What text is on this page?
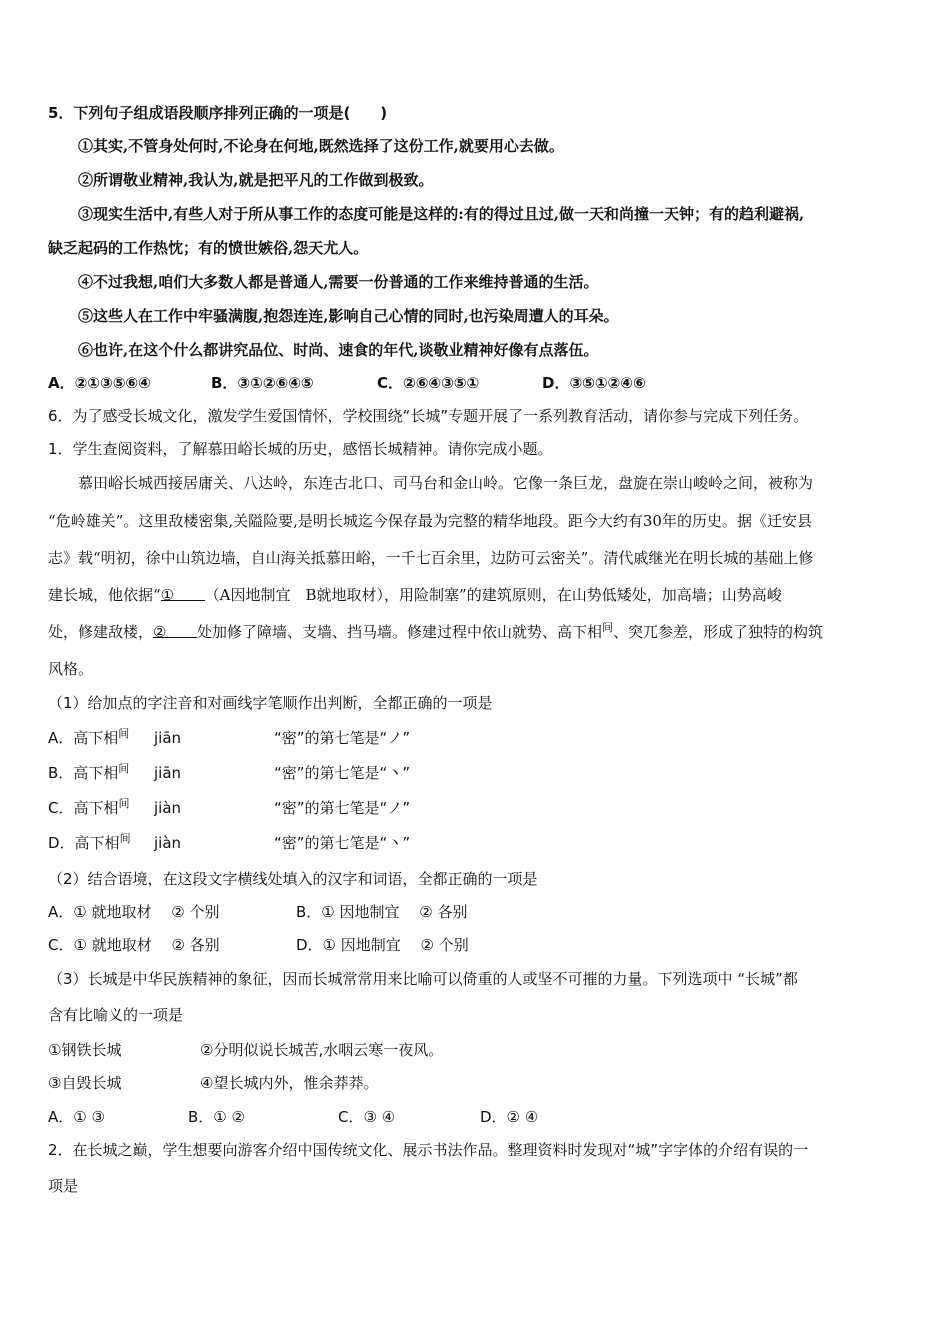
5．下列句子组成语段顺序排列正确的一项是(　　)
①其实,不管身处何时,不论身在何地,既然选择了这份工作,就要用心去做。
②所谓敬业精神,我认为,就是把平凡的工作做到极致。
③现实生活中,有些人对于所从事工作的态度可能是这样的:有的得过且过,做一天和尚撞一天钟；有的趋利避祸,
缺乏起码的工作热忱；有的愤世嫉俗,怨天尤人。
④不过我想,咱们大多数人都是普通人,需要一份普通的工作来维持普通的生活。
⑤这些人在工作中牢骚满腹,抱怨连连,影响自己心情的同时,也污染周遭人的耳朵。
⑥也许,在这个什么都讲究品位、时尚、速食的年代,谈敬业精神好像有点落伍。
A．②①③⑤⑥④	B．③①②⑥④⑤	C．②⑥④③⑤①	D．③⑤①②④⑥
6．为了感受长城文化，激发学生爱国情怀，学校围绕“长城”专题开展了一系列教育活动，请你参与完成下列任务。
1．学生查阅资料，了解慕田峪长城的历史，感悟长城精神。请你完成小题。
慕田峪长城西接居庸关、八达岭，东连古北口、司马台和金山岭。它像一条巨龙，盘旋在崇山峻岭之间，被称为
“危岭雄关”。这里敌楼密集,关隘险要,是明长城迄今保存最为完整的精华地段。距今大约有30年的历史。据《迁安县
志》载“明初，徐中山筑边墙，自山海关抵慕田峪，一千七百余里，边防可云密关”。清代戚继光在明长城的基础上修
建长城，他依据“① （A因地制宜　B就地取材），用险制塞”的建筑原则，在山势低矮处，加高墙；山势高峻
处，修建敌楼，② 处加修了障墙、支墙、挡马墙。修建过程中依山就势、高下相$^间$、突兀参差，形成了独特的构筑
风格。
（1）给加点的字注音和对画线字笔顺作出判断，全都正确的一项是
A．高下相$^间$ jiān	“密”的第七笔是“ノ”
B．高下相$^间$ jiān	“密”的第七笔是“丶”
C．高下相$^间$ jiàn	“密”的第七笔是“ノ”
D．高下相$^间$ jiàn	“密”的第七笔是“丶”
（2）结合语境，在这段文字横线处填入的汉字和词语，全都正确的一项是
A．① 就地取材　 ② 个别	B．① 因地制宜　 ② 各别
C．① 就地取材　 ② 各别	D．① 因地制宜　 ② 个别
（3）长城是中华民族精神的象征，因而长城常常用来比喻可以倚重的人或坚不可摧的力量。下列选项中 “长城”都
含有比喻义的一项是
①钢铁长城	②分明似说长城苦,水咽云寒一夜风。
③自毁长城	④望长城内外，惟余莽莽。
A．① ③	B．① ②	C．③ ④	D．② ④
2．在长城之巅，学生想要向游客介绍中国传统文化、展示书法作品。整理资料时发现对“城”字字体的介绍有误的一
项是
